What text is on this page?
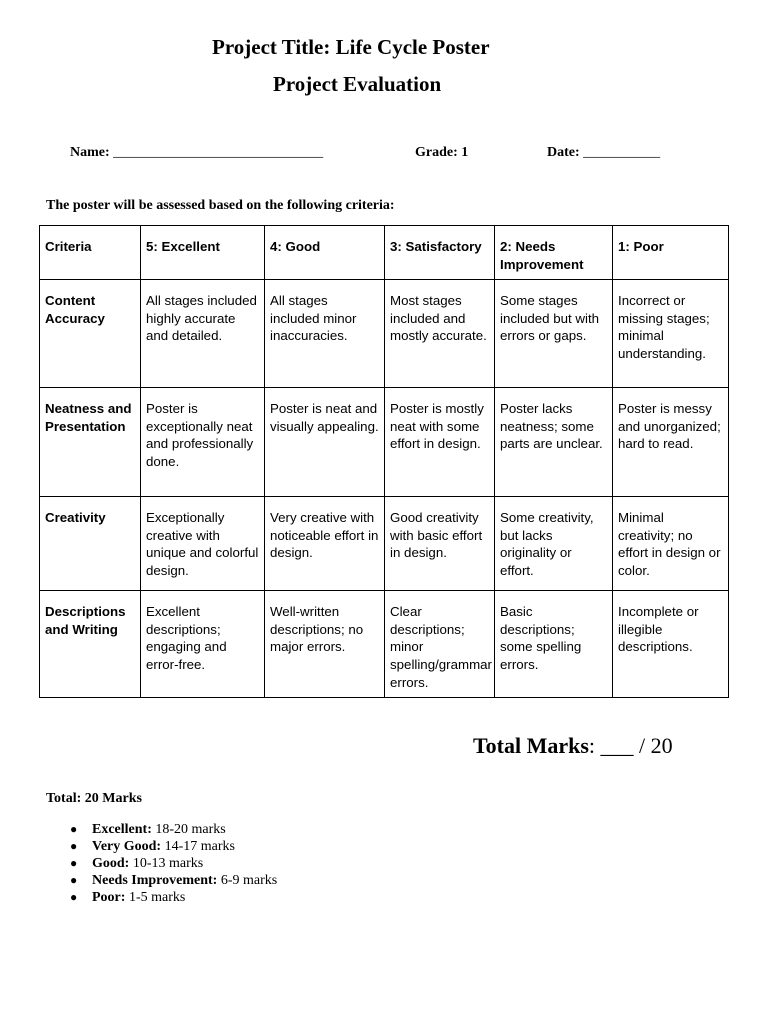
Project Title: Life Cycle Poster
Project Evaluation
Name: ______________________________	Grade: 1	Date: ___________
The poster will be assessed based on the following criteria:
Criteria	5: Excellent	4: Good	3: Satisfactory	2: Needs Improvement	1: Poor
Content Accuracy	All stages included highly accurate and detailed.	All stages included minor inaccuracies.	Most stages included and mostly accurate.	Some stages included but with errors or gaps.	Incorrect or missing stages; minimal understanding.
Neatness and Presentation	Poster is exceptionally neat and professionally done.	Poster is neat and visually appealing.	Poster is mostly neat with some effort in design.	Poster lacks neatness; some parts are unclear.	Poster is messy and unorganized; hard to read.
Creativity	Exceptionally creative with unique and colorful design.	Very creative with noticeable effort in design.	Good creativity with basic effort in design.	Some creativity, but lacks originality or effort.	Minimal creativity; no effort in design or color.
Descriptions and Writing	Excellent descriptions; engaging and error-free.	Well-written descriptions; no major errors.	Clear descriptions; minor spelling/grammar errors.	Basic descriptions; some spelling errors.	Incomplete or illegible descriptions.
Total Marks: ___ / 20
Total: 20 Marks
● Excellent: 18-20 marks
● Very Good: 14-17 marks
● Good: 10-13 marks
● Needs Improvement: 6-9 marks
● Poor: 1-5 marks
